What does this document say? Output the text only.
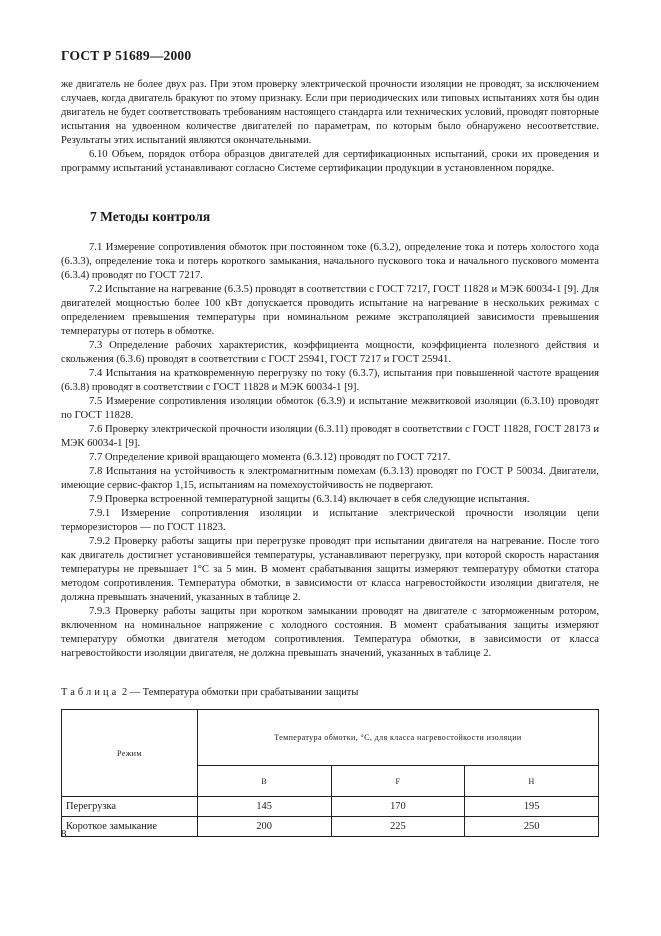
ГОСТ Р 51689—2000

же двигатель не более двух раз. При этом проверку электрической прочности изоляции не проводят, за исключением случаев, когда двигатель бракуют по этому признаку. Если при периодических или типовых испытаниях хотя бы один двигатель не будет соответствовать требованиям настоящего стандарта или технических условий, проводят повторные испытания на удвоенном количестве двигателей по параметрам, по которым было обнаружено несоответствие. Результаты этих испытаний являются окончательными.

6.10 Объем, порядок отбора образцов двигателей для сертификационных испытаний, сроки их проведения и программу испытаний устанавливают согласно Системе сертификации продукции в установленном порядке.

7 Методы контроля

7.1 Измерение сопротивления обмоток при постоянном токе (6.3.2), определение тока и потерь холостого хода (6.3.3), определение тока и потерь короткого замыкания, начального пускового тока и начального пускового момента (6.3.4) проводят по ГОСТ 7217.

7.2 Испытание на нагревание (6.3.5) проводят в соответствии с ГОСТ 7217, ГОСТ 11828 и МЭК 60034-1 [9]. Для двигателей мощностью более 100 кВт допускается проводить испытание на нагревание в нескольких режимах с определением превышения температуры при номинальном режиме экстраполяцией зависимости превышения температуры от потерь в обмотке.

7.3 Определение рабочих характеристик, коэффициента мощности, коэффициента полезного действия и скольжения (6.3.6) проводят в соответствии с ГОСТ 25941, ГОСТ 7217 и ГОСТ 25941.

7.4 Испытания на кратковременную перегрузку по току (6.3.7), испытания при повышенной частоте вращения (6.3.8) проводят в соответствии с ГОСТ 11828 и МЭК 60034-1 [9].

7.5 Измерение сопротивления изоляции обмоток (6.3.9) и испытание межвитковой изоляции (6.3.10) проводят по ГОСТ 11828.

7.6 Проверку электрической прочности изоляции (6.3.11) проводят в соответствии с ГОСТ 11828, ГОСТ 28173 и МЭК 60034-1 [9].

7.7 Определение кривой вращающего момента (6.3.12) проводят по ГОСТ 7217.

7.8 Испытания на устойчивость к электромагнитным помехам (6.3.13) проводят по ГОСТ Р 50034. Двигатели, имеющие сервис-фактор 1,15, испытаниям на помехоустойчивость не подвергают.

7.9 Проверка встроенной температурной защиты (6.3.14) включает в себя следующие испытания.

7.9.1 Измерение сопротивления изоляции и испытание электрической прочности изоляции цепи терморезисторов — по ГОСТ 11823.

7.9.2 Проверку работы защиты при перегрузке проводят при испытании двигателя на нагревание. После того как двигатель достигнет установившейся температуры, устанавливают перегрузку, при которой скорость нарастания температуры не превышает 1°С за 5 мин. В момент срабатывания защиты измеряют температуру обмотки статора методом сопротивления. Температура обмотки, в зависимости от класса нагревостойкости изоляции двигателя, не должна превышать значений, указанных в таблице 2.

7.9.3 Проверку работы защиты при коротком замыкании проводят на двигателе с заторможенным ротором, включенном на номинальное напряжение с холодного состояния. В момент срабатывания защиты измеряют температуру обмотки двигателя методом сопротивления. Температура обмотки, в зависимости от класса нагревостойкости изоляции двигателя, не должна превышать значений, указанных в таблице 2.

Таблица 2 — Температура обмотки при срабатывании защиты
Режим	Температура обмотки, °С, для класса нагревостойкости изоляции		
	В	F	Н
Перегрузка	145	170	195
Короткое замыкание	200	225	250
8
